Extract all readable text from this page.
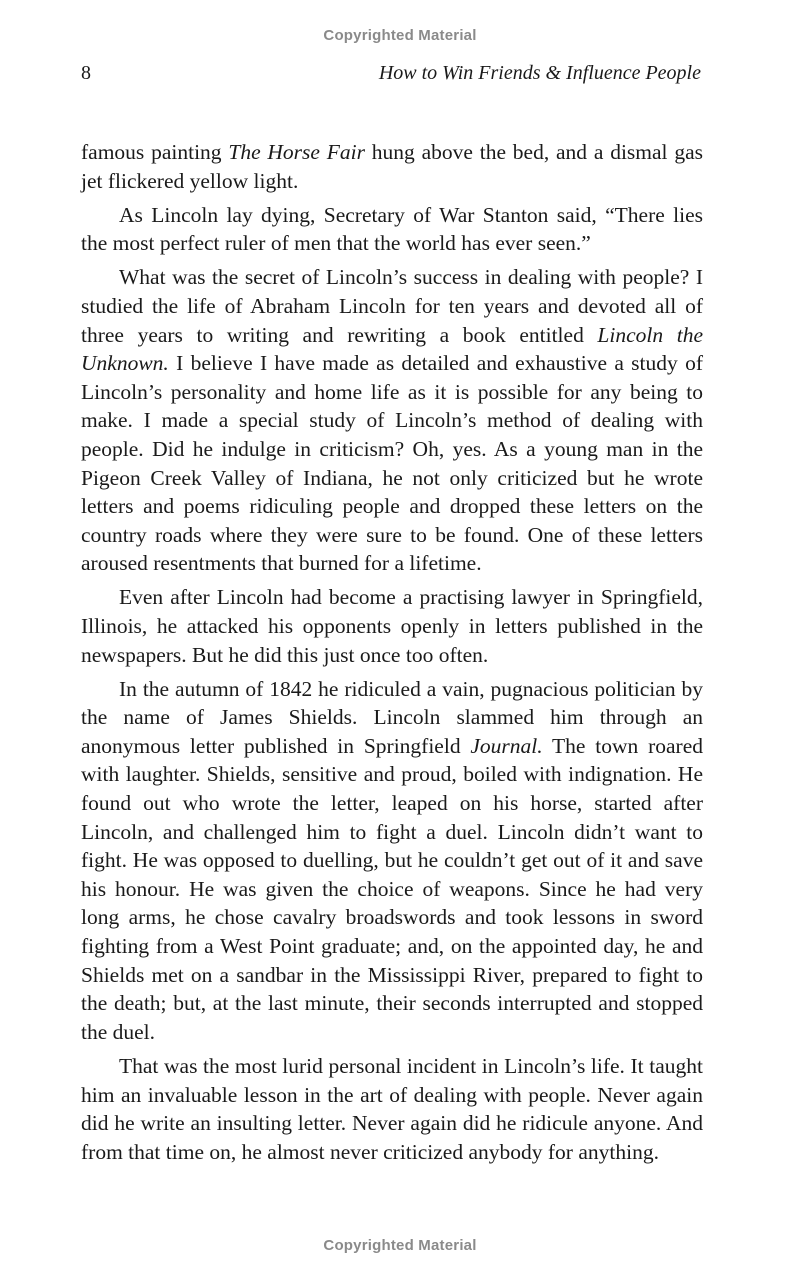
Copyrighted Material
8	How to Win Friends & Influence People

famous painting The Horse Fair hung above the bed, and a dismal gas jet flickered yellow light.

As Lincoln lay dying, Secretary of War Stanton said, “There lies the most perfect ruler of men that the world has ever seen.”

What was the secret of Lincoln’s success in dealing with people? I studied the life of Abraham Lincoln for ten years and devoted all of three years to writing and rewriting a book entitled Lincoln the Unknown. I believe I have made as detailed and exhaustive a study of Lincoln’s personality and home life as it is possible for any being to make. I made a special study of Lincoln’s method of dealing with people. Did he indulge in criticism? Oh, yes. As a young man in the Pigeon Creek Valley of Indiana, he not only criticized but he wrote letters and poems ridiculing people and dropped these letters on the country roads where they were sure to be found. One of these letters aroused resentments that burned for a lifetime.

Even after Lincoln had become a practising lawyer in Springfield, Illinois, he attacked his opponents openly in letters published in the newspapers. But he did this just once too often.

In the autumn of 1842 he ridiculed a vain, pugnacious politician by the name of James Shields. Lincoln slammed him through an anonymous letter published in Springfield Journal. The town roared with laughter. Shields, sensitive and proud, boiled with indignation. He found out who wrote the letter, leaped on his horse, started after Lincoln, and challenged him to fight a duel. Lincoln didn’t want to fight. He was opposed to duelling, but he couldn’t get out of it and save his honour. He was given the choice of weapons. Since he had very long arms, he chose cavalry broadswords and took lessons in sword fighting from a West Point graduate; and, on the appointed day, he and Shields met on a sandbar in the Mississippi River, prepared to fight to the death; but, at the last minute, their seconds interrupted and stopped the duel.

That was the most lurid personal incident in Lincoln’s life. It taught him an invaluable lesson in the art of dealing with people. Never again did he write an insulting letter. Never again did he ridicule anyone. And from that time on, he almost never criticized anybody for anything.

Copyrighted Material
